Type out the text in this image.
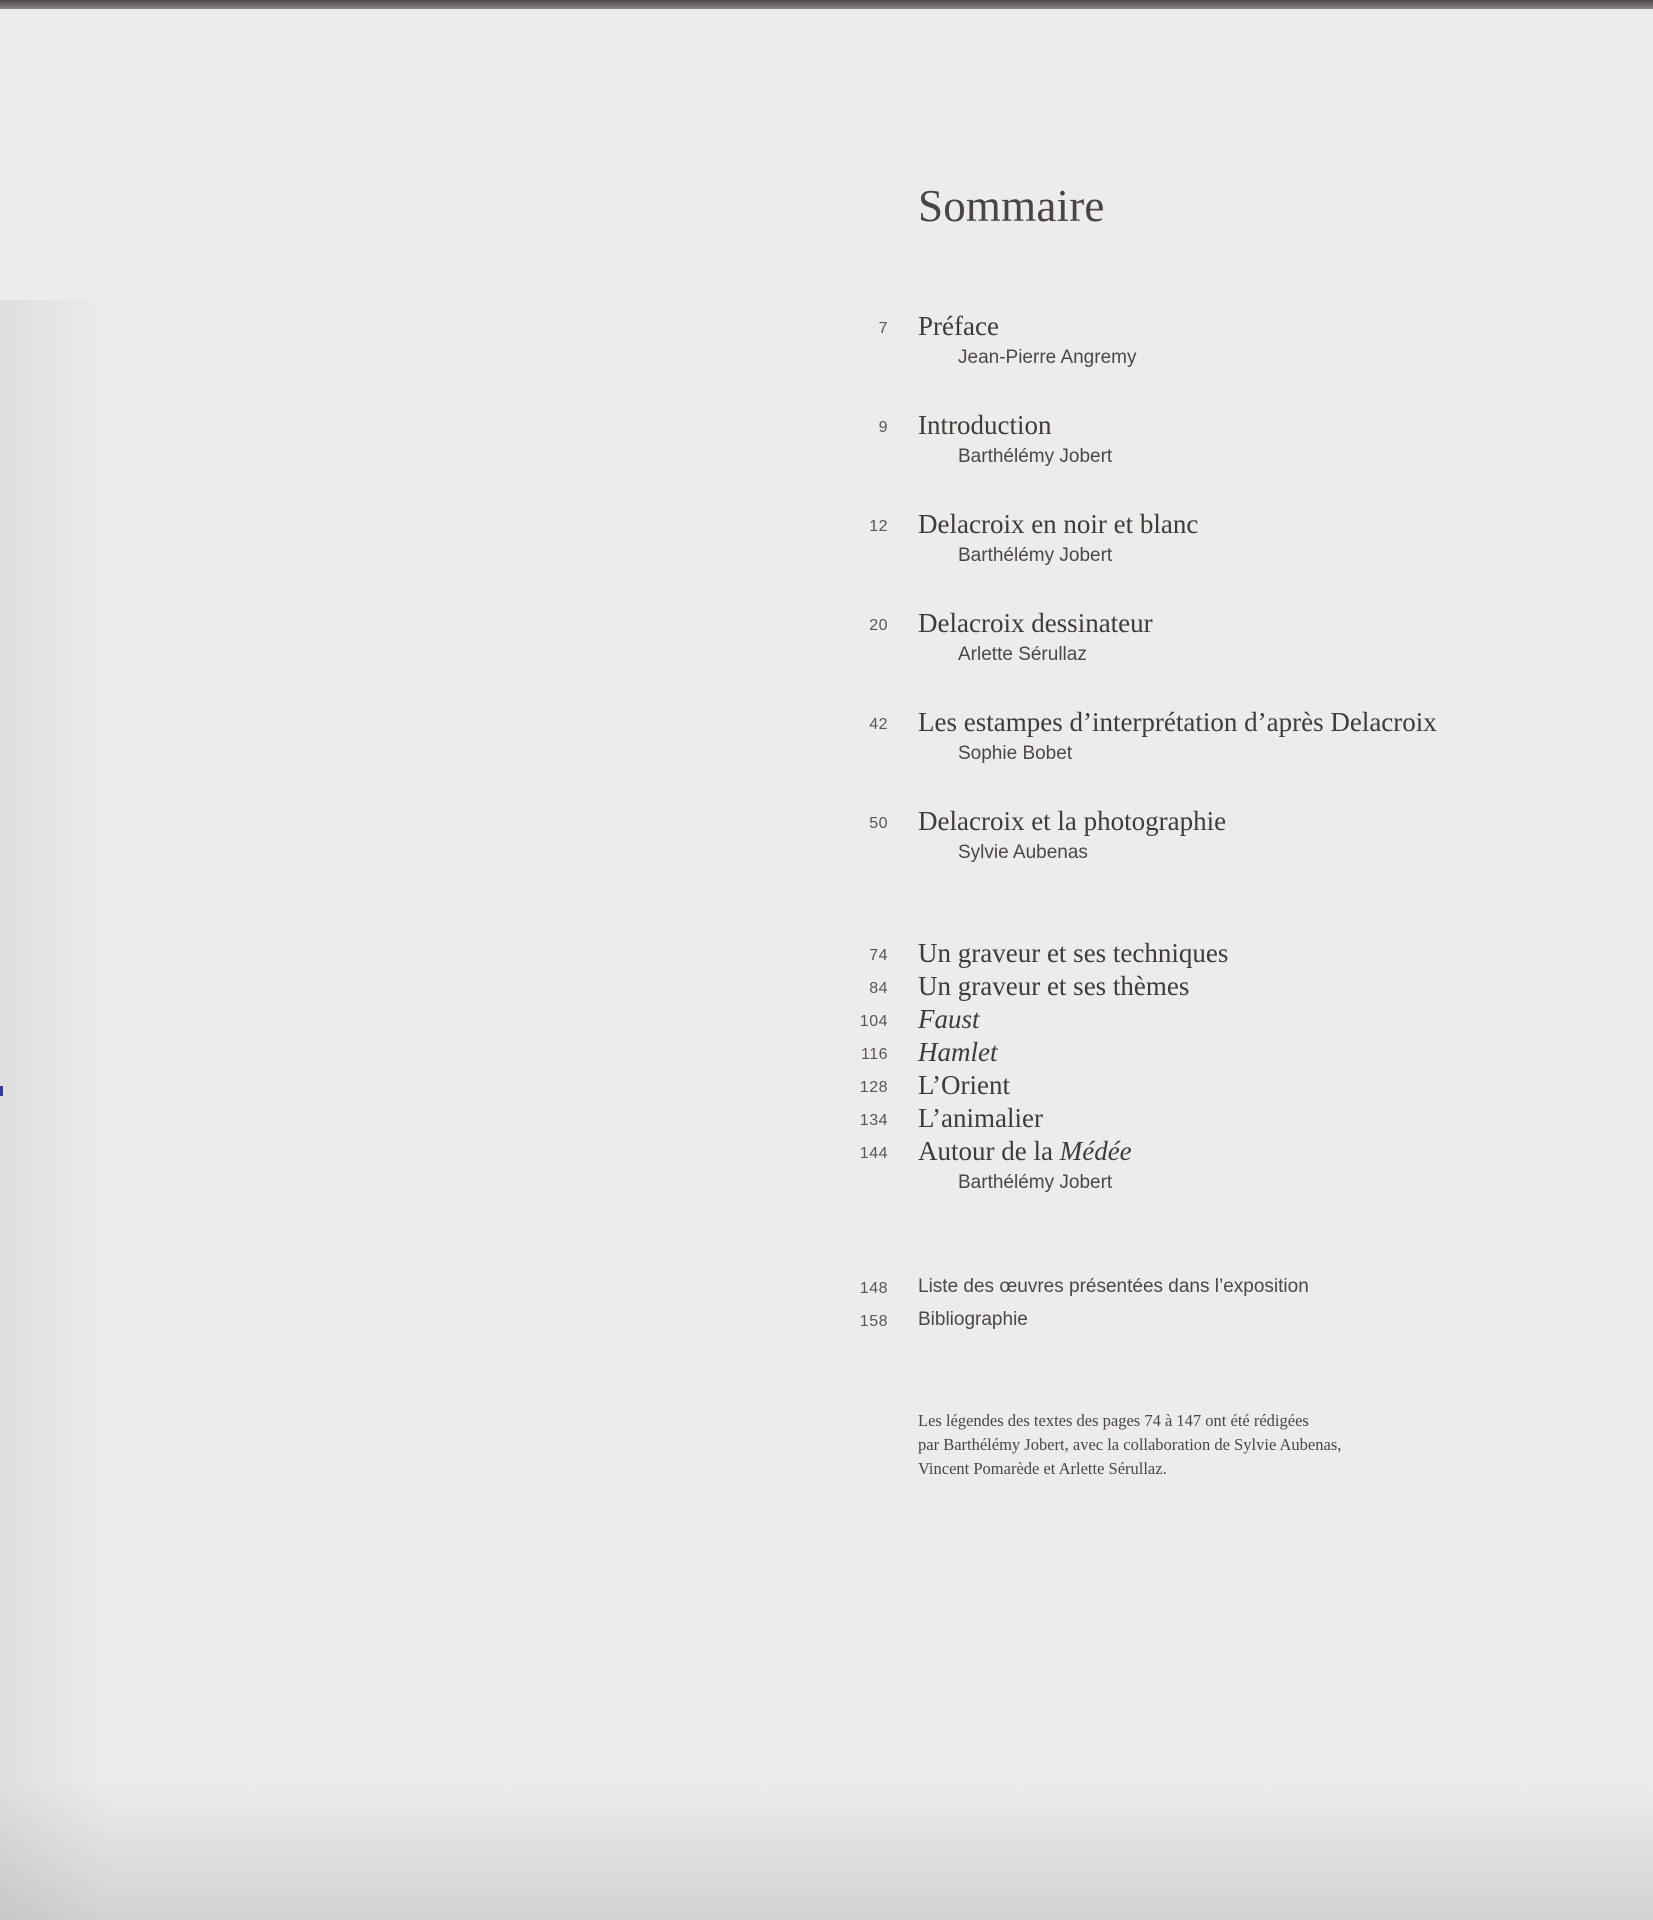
Sommaire
7 Préface
Jean-Pierre Angremy
9 Introduction
Barthélémy Jobert
12 Delacroix en noir et blanc
Barthélémy Jobert
20 Delacroix dessinateur
Arlette Sérullaz
42 Les estampes d’interprétation d’après Delacroix
Sophie Bobet
50 Delacroix et la photographie
Sylvie Aubenas
74 Un graveur et ses techniques
84 Un graveur et ses thèmes
104 Faust
116 Hamlet
128 L’Orient
134 L’animalier
144 Autour de la Médée
Barthélémy Jobert
148 Liste des œuvres présentées dans l’exposition
158 Bibliographie
Les légendes des textes des pages 74 à 147 ont été rédigées
par Barthélémy Jobert, avec la collaboration de Sylvie Aubenas,
Vincent Pomarède et Arlette Sérullaz.
